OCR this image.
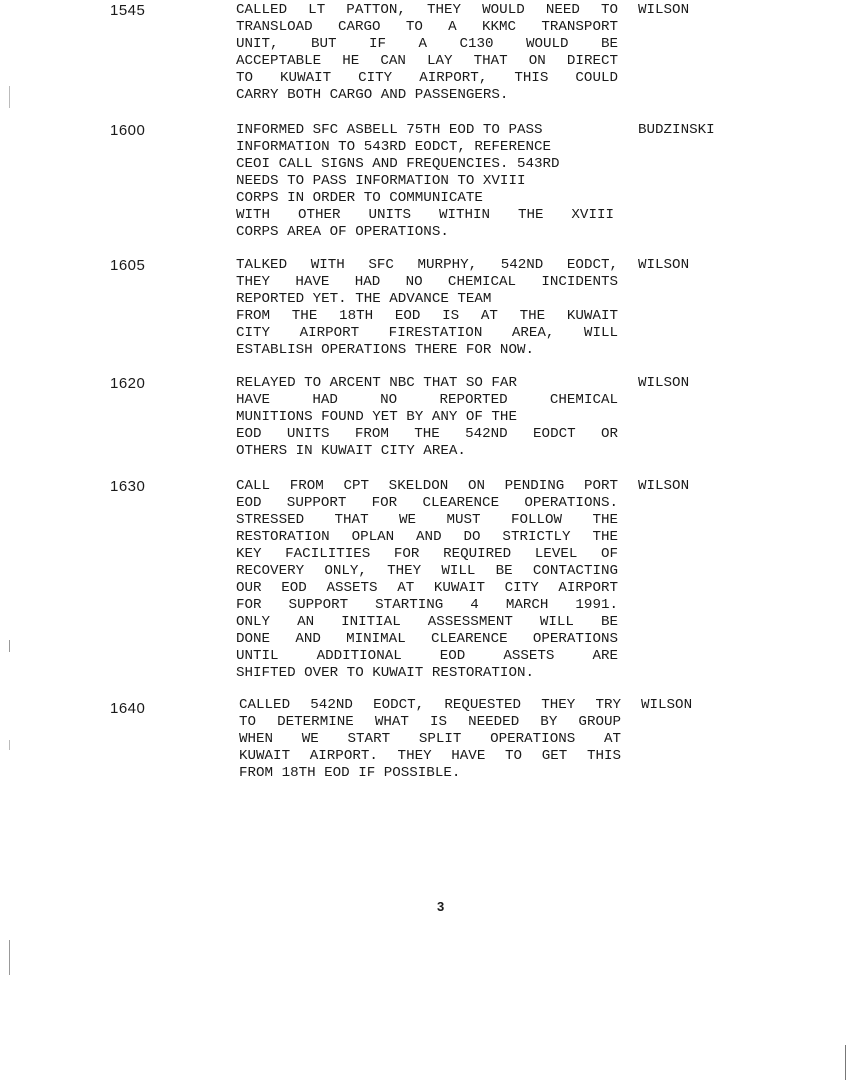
1545	CALLED LT PATTON, THEY WOULD NEED TO
TRANSLOAD CARGO TO A KKMC TRANSPORT
UNIT, BUT IF A C130 WOULD BE
ACCEPTABLE HE CAN LAY THAT ON DIRECT
TO KUWAIT CITY AIRPORT, THIS COULD
CARRY BOTH CARGO AND PASSENGERS.
WILSON
1600	INFORMED SFC ASBELL 75TH EOD TO PASS
INFORMATION TO 543RD EODCT, REFERENCE
CEOI CALL SIGNS AND FREQUENCIES. 543RD
NEEDS TO PASS INFORMATION TO XVIII
CORPS IN ORDER TO COMMUNICATE
WITH OTHER UNITS WITHIN THE XVIII
CORPS AREA OF OPERATIONS.
BUDZINSKI
1605	TALKED WITH SFC MURPHY, 542ND EODCT,
THEY HAVE HAD NO CHEMICAL INCIDENTS
REPORTED YET. THE ADVANCE TEAM
FROM THE 18TH EOD IS AT THE KUWAIT
CITY AIRPORT FIRESTATION AREA, WILL
ESTABLISH OPERATIONS THERE FOR NOW.
WILSON
1620	RELAYED TO ARCENT NBC THAT SO FAR
HAVE HAD NO REPORTED CHEMICAL
MUNITIONS FOUND YET BY ANY OF THE
EOD UNITS FROM THE 542ND EODCT OR
OTHERS IN KUWAIT CITY AREA.
WILSON
1630	CALL FROM CPT SKELDON ON PENDING PORT
EOD SUPPORT FOR CLEARENCE OPERATIONS.
STRESSED THAT WE MUST FOLLOW THE
RESTORATION OPLAN AND DO STRICTLY THE
KEY FACILITIES FOR REQUIRED LEVEL OF
RECOVERY ONLY, THEY WILL BE CONTACTING
OUR EOD ASSETS AT KUWAIT CITY AIRPORT
FOR SUPPORT STARTING 4 MARCH 1991.
ONLY AN INITIAL ASSESSMENT WILL BE
DONE AND MINIMAL CLEARENCE OPERATIONS
UNTIL ADDITIONAL EOD ASSETS ARE
SHIFTED OVER TO KUWAIT RESTORATION.
WILSON
1640	CALLED 542ND EODCT, REQUESTED THEY TRY
TO DETERMINE WHAT IS NEEDED BY GROUP
WHEN WE START SPLIT OPERATIONS AT
KUWAIT AIRPORT. THEY HAVE TO GET THIS
FROM 18TH EOD IF POSSIBLE.
WILSON
3
